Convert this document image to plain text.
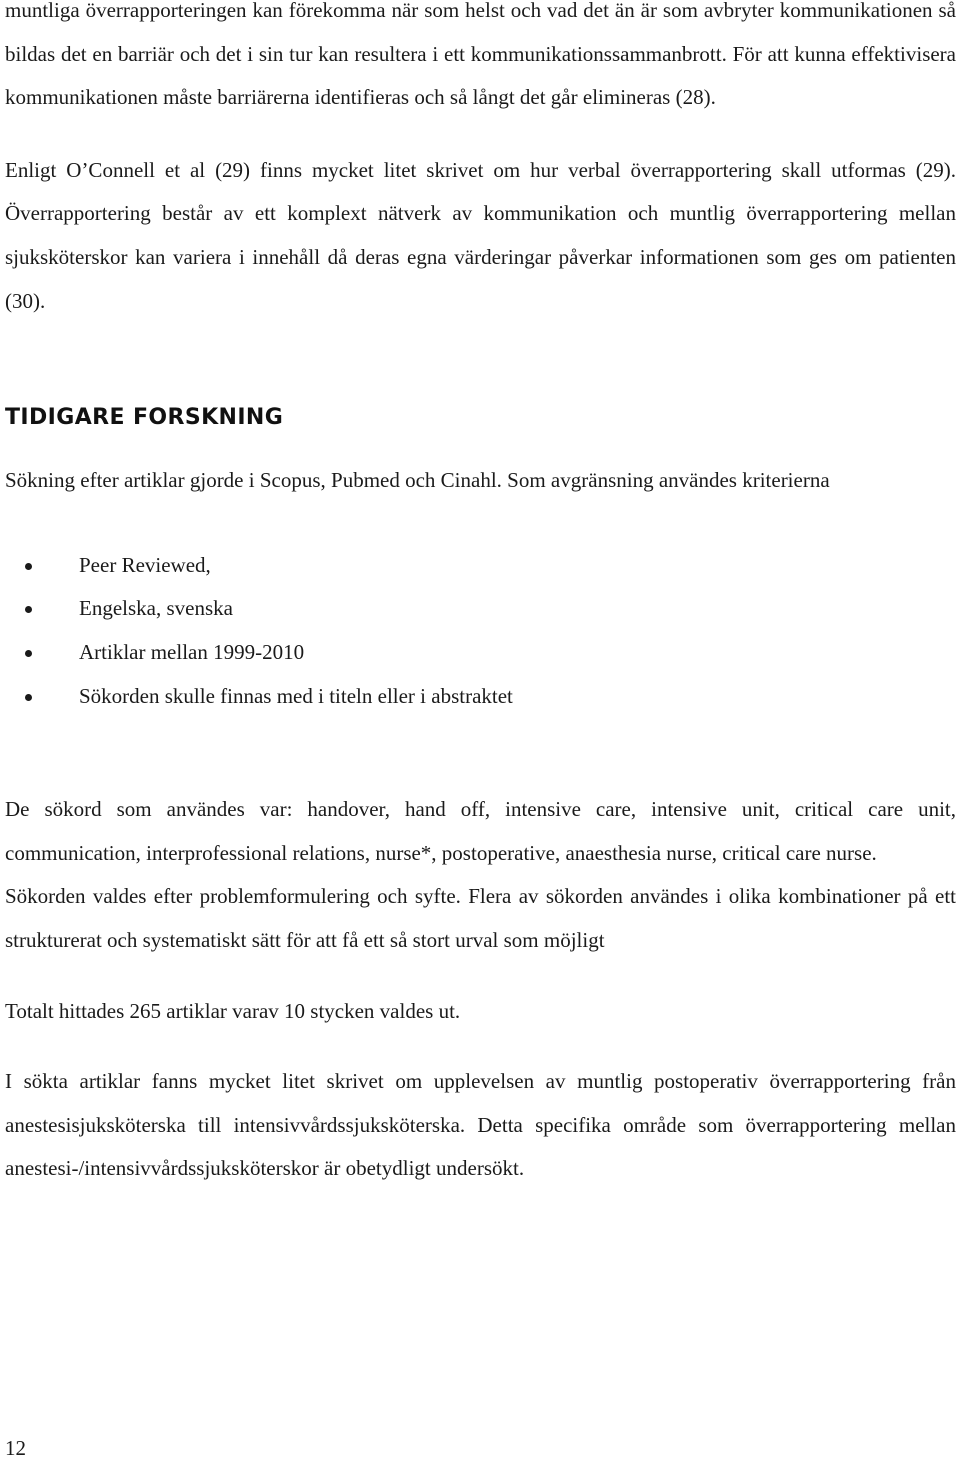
muntliga överrapporteringen kan förekomma när som helst och vad det än är som avbryter kommunikationen så bildas det en barriär och det i sin tur kan resultera i ett kommunikationssammanbrott. För att kunna effektivisera kommunikationen måste barriärerna identifieras och så långt det går elimineras (28).

Enligt O’Connell et al (29) finns mycket litet skrivet om hur verbal överrapportering skall utformas (29). Överrapportering består av ett komplext nätverk av kommunikation och muntlig överrapportering mellan sjuksköterskor kan variera i innehåll då deras egna värderingar påverkar informationen som ges om patienten (30).

TIDIGARE FORSKNING

Sökning efter artiklar gjorde i Scopus, Pubmed och Cinahl. Som avgränsning användes kriterierna

Peer Reviewed,
Engelska, svenska
Artiklar mellan 1999-2010
Sökorden skulle finnas med i titeln eller i abstraktet

De sökord som användes var: handover, hand off, intensive care, intensive unit, critical care unit, communication, interprofessional relations, nurse*, postoperative, anaesthesia nurse, critical care nurse.

Sökorden valdes efter problemformulering och syfte. Flera av sökorden användes i olika kombinationer på ett strukturerat och systematiskt sätt för att få ett så stort urval som möjligt

Totalt hittades 265 artiklar varav 10 stycken valdes ut.

I sökta artiklar fanns mycket litet skrivet om upplevelsen av muntlig postoperativ överrapportering från anestesisjuksköterska till intensivvårdssjuksköterska. Detta specifika område som överrapportering mellan anestesi-/intensivvårdssjuksköterskor är obetydligt undersökt.

12
